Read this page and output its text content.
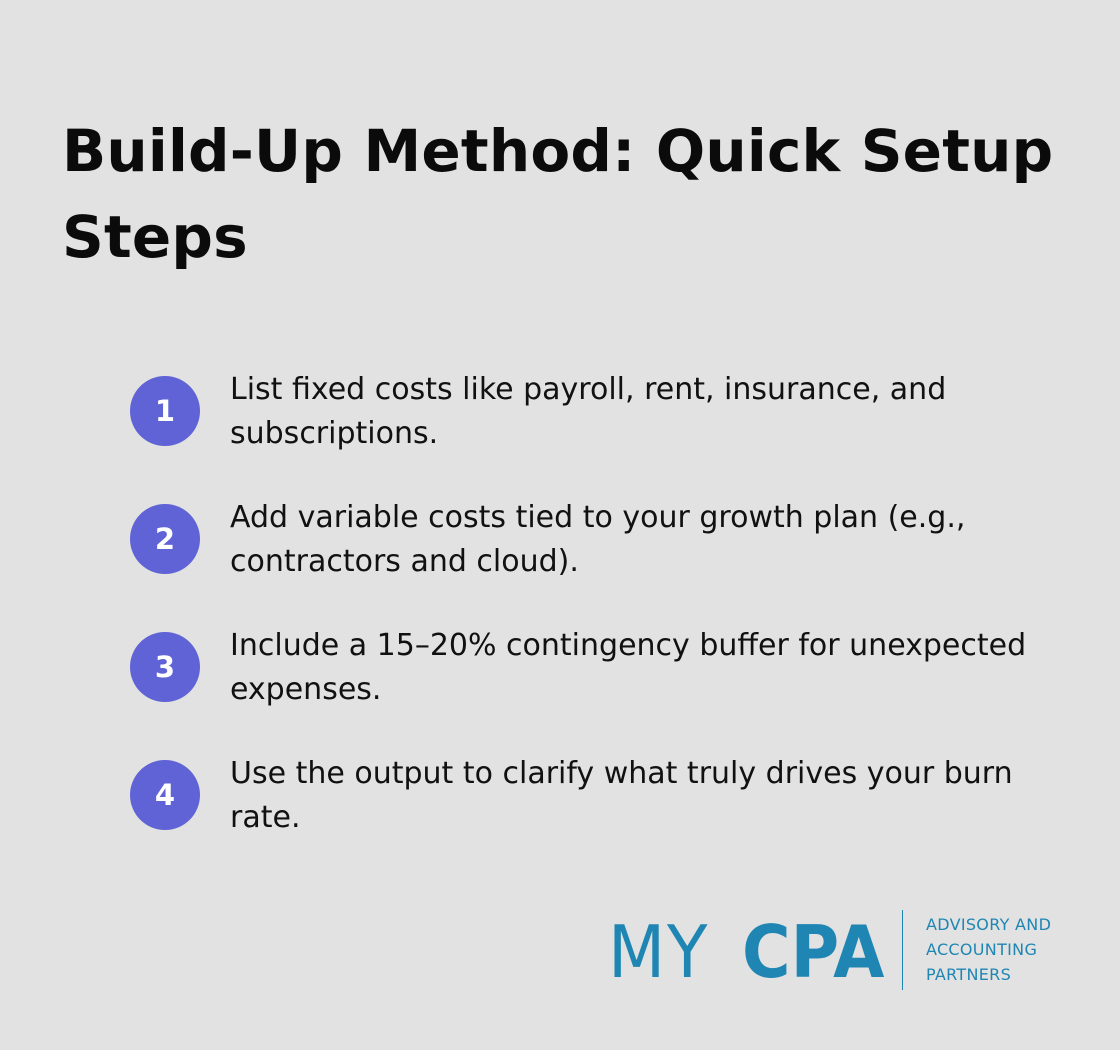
Build-Up Method: Quick Setup Steps
1
List fixed costs like payroll, rent, insurance, and subscriptions.
2
Add variable costs tied to your growth plan (e.g., contractors and cloud).
3
Include a 15–20% contingency buffer for unexpected expenses.
4
Use the output to clarify what truly drives your burn rate.
MY CPA	ADVISORY AND
ACCOUNTING
PARTNERS
